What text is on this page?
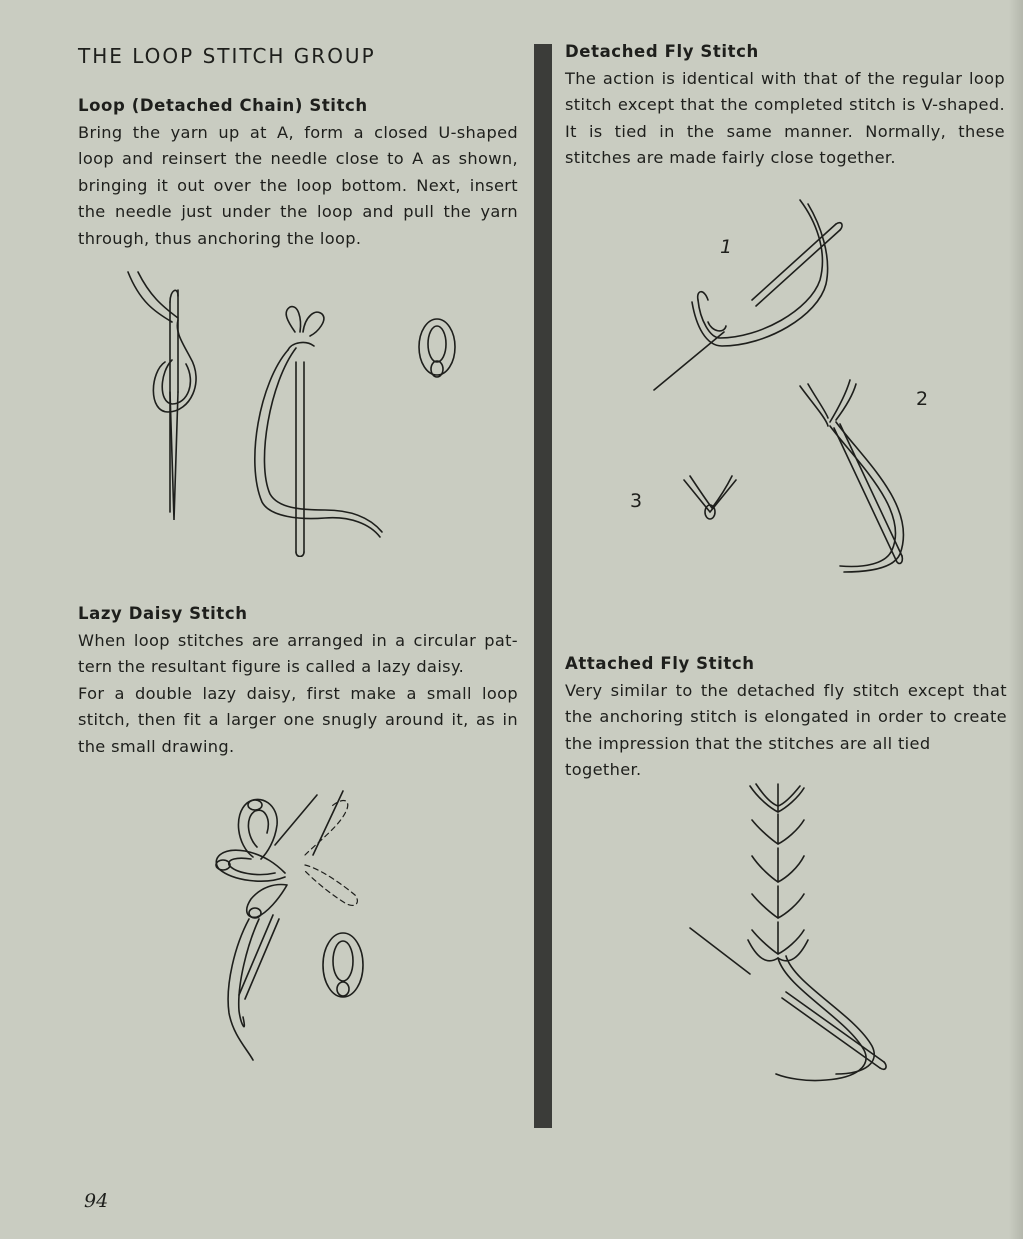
THE LOOP STITCH GROUP
Loop (Detached Chain) Stitch
Bring the yarn up at A, form a closed U-shaped
loop and reinsert the needle close to A as shown,
bringing it out over the loop bottom. Next, insert
the needle just under the loop and pull the yarn
through, thus anchoring the loop.
Lazy Daisy Stitch
When loop stitches are arranged in a circular pat-
tern the resultant figure is called a lazy daisy.
For a double lazy daisy, first make a small loop
stitch, then fit a larger one snugly around it, as in
the small drawing.
Detached Fly Stitch
The action is identical with that of the regular loop
stitch except that the completed stitch is V-shaped.
It is tied in the same manner. Normally, these
stitches are made fairly close together.
1
2
3
Attached Fly Stitch
Very similar to the detached fly stitch except that
the anchoring stitch is elongated in order to create
the impression that the stitches are all tied together.
94
